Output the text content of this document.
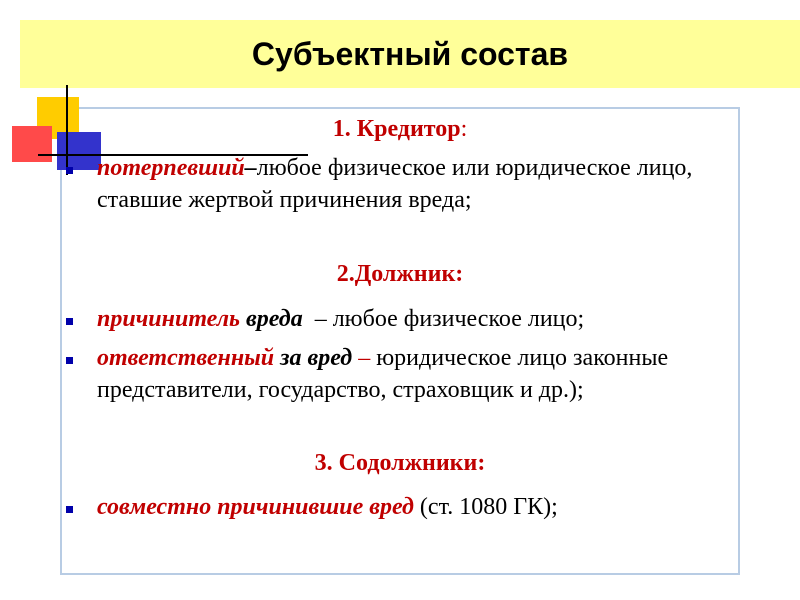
Субъектный состав
1. Кредитор:
потерпевший–любое физическое или юридическое лицо, ставшие жертвой причинения вреда;
2.Должник:
причинитель вреда – любое физическое лицо;
ответственный за вред – юридическое лицо законные представители, государство, страховщик и др.);
3. Содолжники:
совместно причинившие вред (ст. 1080 ГК);
